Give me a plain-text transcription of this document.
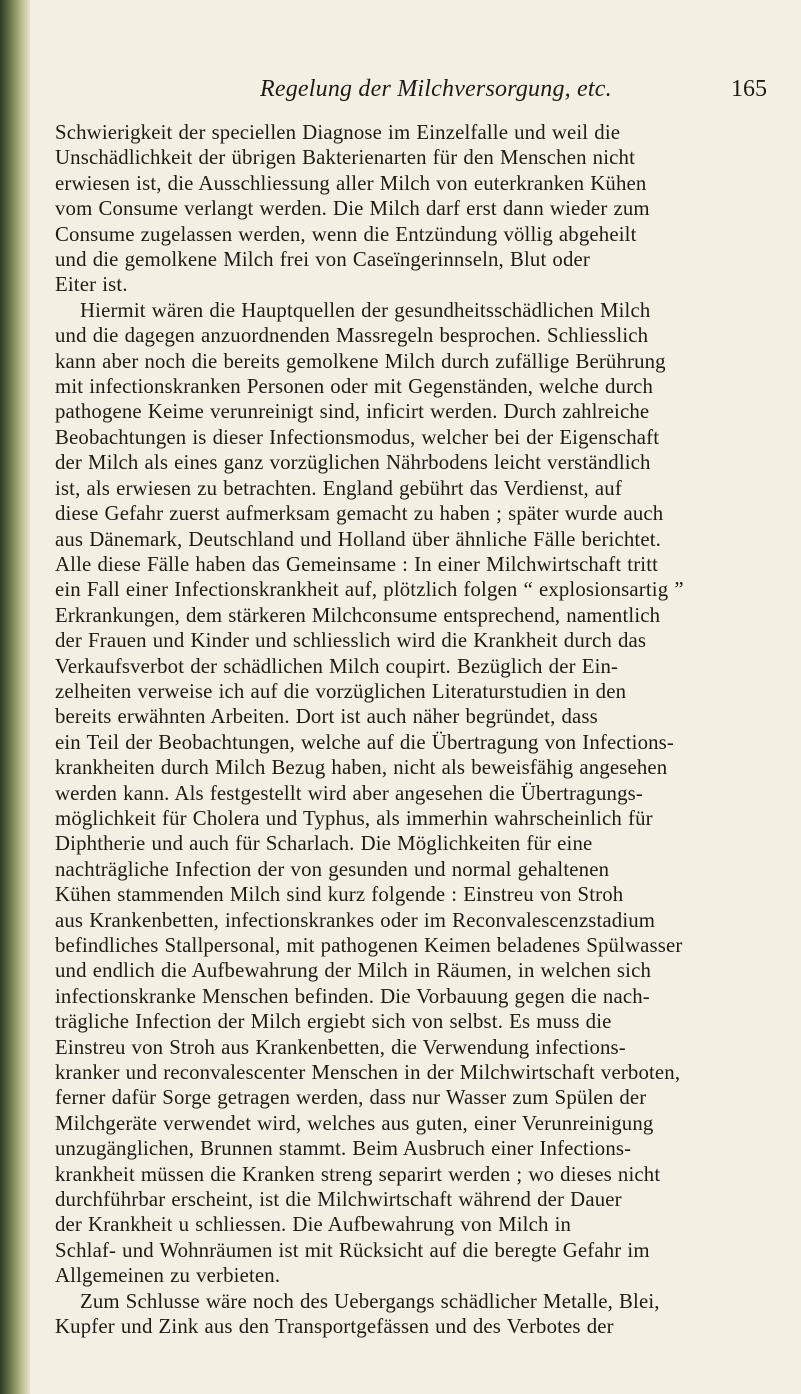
Regelung der Milchversorgung, etc.	165
Schwierigkeit der speciellen Diagnose im Einzelfalle und weil die
Unschädlichkeit der übrigen Bakterienarten für den Menschen nicht
erwiesen ist, die Ausschliessung aller Milch von euterkranken Kühen
vom Consume verlangt werden. Die Milch darf erst dann wieder zum
Consume zugelassen werden, wenn die Entzündung völlig abgeheilt
und die gemolkene Milch frei von Caseïngerinnseln, Blut oder
Eiter ist.
Hiermit wären die Hauptquellen der gesundheitsschädlichen Milch
und die dagegen anzuordnenden Massregeln besprochen. Schliesslich
kann aber noch die bereits gemolkene Milch durch zufällige Berührung
mit infectionskranken Personen oder mit Gegenständen, welche durch
pathogene Keime verunreinigt sind, inficirt werden. Durch zahlreiche
Beobachtungen is dieser Infectionsmodus, welcher bei der Eigenschaft
der Milch als eines ganz vorzüglichen Nährbodens leicht verständlich
ist, als erwiesen zu betrachten. England gebührt das Verdienst, auf
diese Gefahr zuerst aufmerksam gemacht zu haben ; später wurde auch
aus Dänemark, Deutschland und Holland über ähnliche Fälle berichtet.
Alle diese Fälle haben das Gemeinsame : In einer Milchwirtschaft tritt
ein Fall einer Infectionskrankheit auf, plötzlich folgen “ explosionsartig ”
Erkrankungen, dem stärkeren Milchconsume entsprechend, namentlich
der Frauen und Kinder und schliesslich wird die Krankheit durch das
Verkaufsverbot der schädlichen Milch coupirt. Bezüglich der Ein-
zelheiten verweise ich auf die vorzüglichen Literaturstudien in den
bereits erwähnten Arbeiten. Dort ist auch näher begründet, dass
ein Teil der Beobachtungen, welche auf die Übertragung von Infections-
krankheiten durch Milch Bezug haben, nicht als beweisfähig angesehen
werden kann. Als festgestellt wird aber angesehen die Übertragungs-
möglichkeit für Cholera und Typhus, als immerhin wahrscheinlich für
Diphtherie und auch für Scharlach. Die Möglichkeiten für eine
nachträgliche Infection der von gesunden und normal gehaltenen
Kühen stammenden Milch sind kurz folgende : Einstreu von Stroh
aus Krankenbetten, infectionskrankes oder im Reconvalescenzstadium
befindliches Stallpersonal, mit pathogenen Keimen beladenes Spülwasser
und endlich die Aufbewahrung der Milch in Räumen, in welchen sich
infectionskranke Menschen befinden. Die Vorbauung gegen die nach-
trägliche Infection der Milch ergiebt sich von selbst. Es muss die
Einstreu von Stroh aus Krankenbetten, die Verwendung infections-
kranker und reconvalescenter Menschen in der Milchwirtschaft verboten,
ferner dafür Sorge getragen werden, dass nur Wasser zum Spülen der
Milchgeräte verwendet wird, welches aus guten, einer Verunreinigung
unzugänglichen, Brunnen stammt. Beim Ausbruch einer Infections-
krankheit müssen die Kranken streng separirt werden ; wo dieses nicht
durchführbar erscheint, ist die Milchwirtschaft während der Dauer
der Krankheit u schliessen. Die Aufbewahrung von Milch in
Schlaf- und Wohnräumen ist mit Rücksicht auf die beregte Gefahr im
Allgemeinen zu verbieten.
Zum Schlusse wäre noch des Uebergangs schädlicher Metalle, Blei,
Kupfer und Zink aus den Transportgefässen und des Verbotes der
